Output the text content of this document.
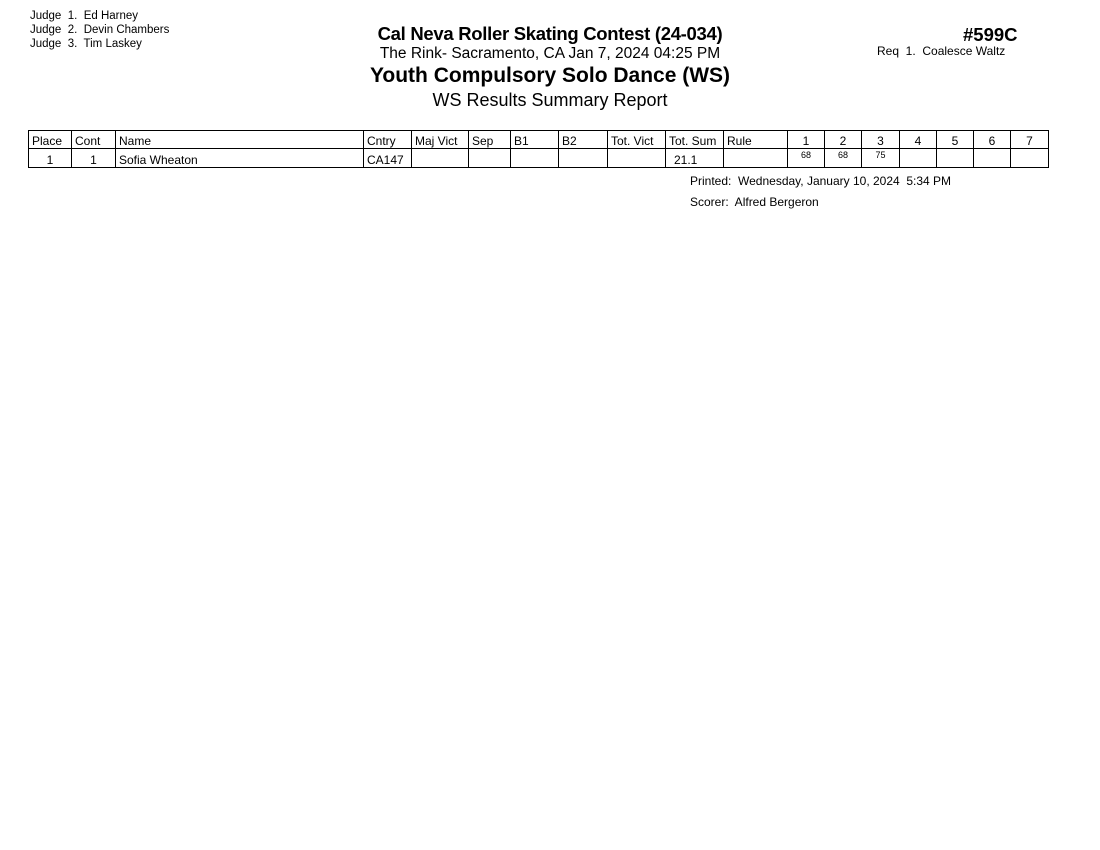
Judge  1. Ed Harney
Judge  2. Devin Chambers
Judge  3. Tim Laskey	Cal Neva Roller Skating Contest (24-034)
The Rink- Sacramento, CA Jan 7, 2024 04:25 PM
Youth Compulsory Solo Dance (WS)
WS Results Summary Report
#599C
Req  1.  Coalesce Waltz
Place	Cont	Name	Cntry	Maj Vict	Sep	B1	B2	Tot. Vict	Tot. Sum	Rule	1	2	3	4	5	6	7
1	1	Sofia Wheaton	CA147						21.1		68	68	75				
Printed:  Wednesday, January 10, 2024  5:34 PM
Scorer:  Alfred Bergeron
